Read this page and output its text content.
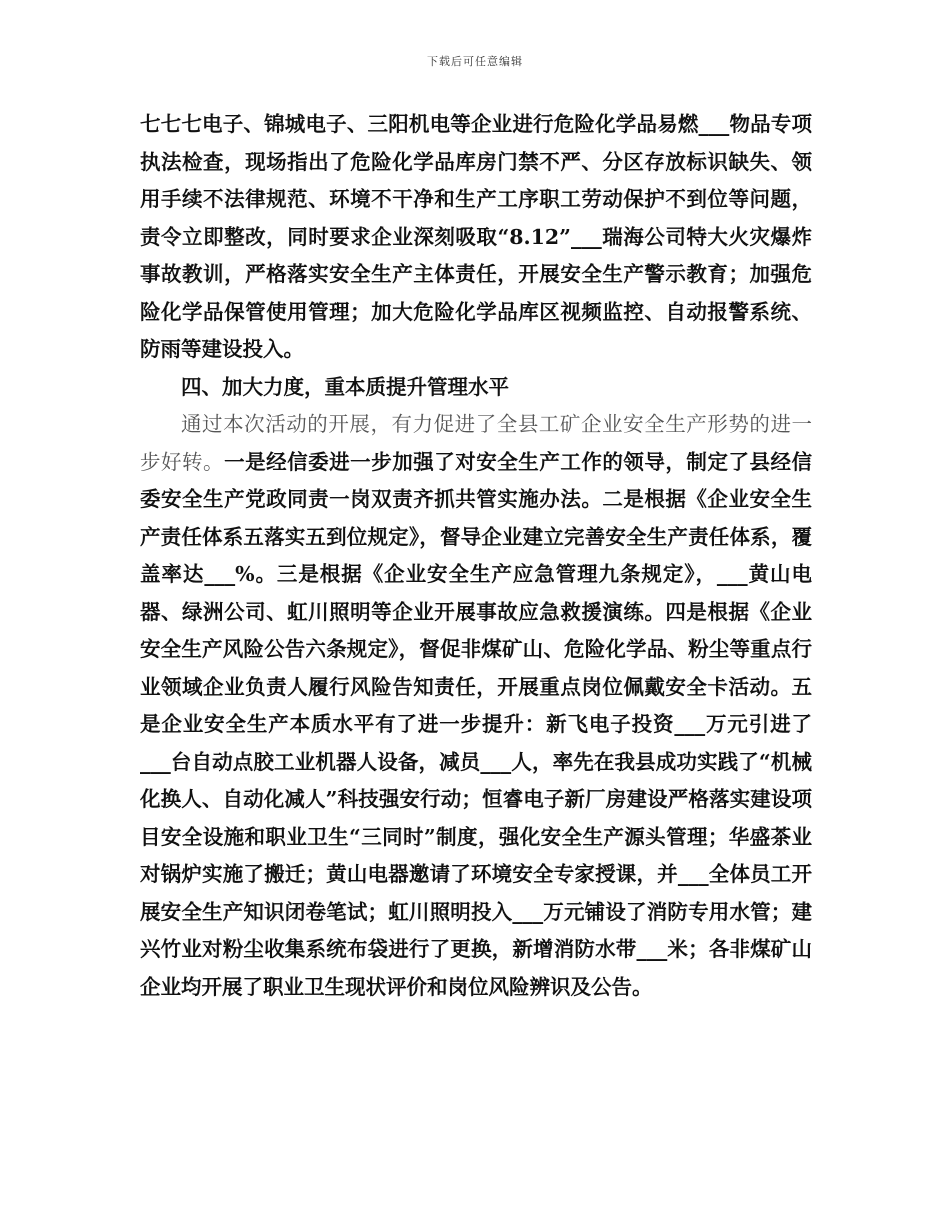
下载后可任意编辑

七七七电子、锦城电子、三阳机电等企业进行危险化学品易燃___物品专项执法检查，现场指出了危险化学品库房门禁不严、分区存放标识缺失、领用手续不法律规范、环境不干净和生产工序职工劳动保护不到位等问题，责令立即整改，同时要求企业深刻吸取“8.12”___瑞海公司特大火灾爆炸事故教训，严格落实安全生产主体责任，开展安全生产警示教育；加强危险化学品保管使用管理；加大危险化学品库区视频监控、自动报警系统、防雨等建设投入。

四、加大力度，重本质提升管理水平

通过本次活动的开展，有力促进了全县工矿企业安全生产形势的进一步好转。一是经信委进一步加强了对安全生产工作的领导，制定了县经信委安全生产党政同责一岗双责齐抓共管实施办法。二是根据《企业安全生产责任体系五落实五到位规定》，督导企业建立完善安全生产责任体系，覆盖率达___%。三是根据《企业安全生产应急管理九条规定》，___黄山电器、绿洲公司、虹川照明等企业开展事故应急救援演练。四是根据《企业安全生产风险公告六条规定》，督促非煤矿山、危险化学品、粉尘等重点行业领域企业负责人履行风险告知责任，开展重点岗位佩戴安全卡活动。五是企业安全生产本质水平有了进一步提升：新飞电子投资___万元引进了___台自动点胶工业机器人设备，减员___人，率先在我县成功实践了“机械化换人、自动化减人”科技强安行动；恒睿电子新厂房建设严格落实建设项目安全设施和职业卫生“三同时”制度，强化安全生产源头管理；华盛茶业对锅炉实施了搬迁；黄山电器邀请了环境安全专家授课，并___全体员工开展安全生产知识闭卷笔试；虹川照明投入___万元铺设了消防专用水管；建兴竹业对粉尘收集系统布袋进行了更换，新增消防水带___米；各非煤矿山企业均开展了职业卫生现状评价和岗位风险辨识及公告。
